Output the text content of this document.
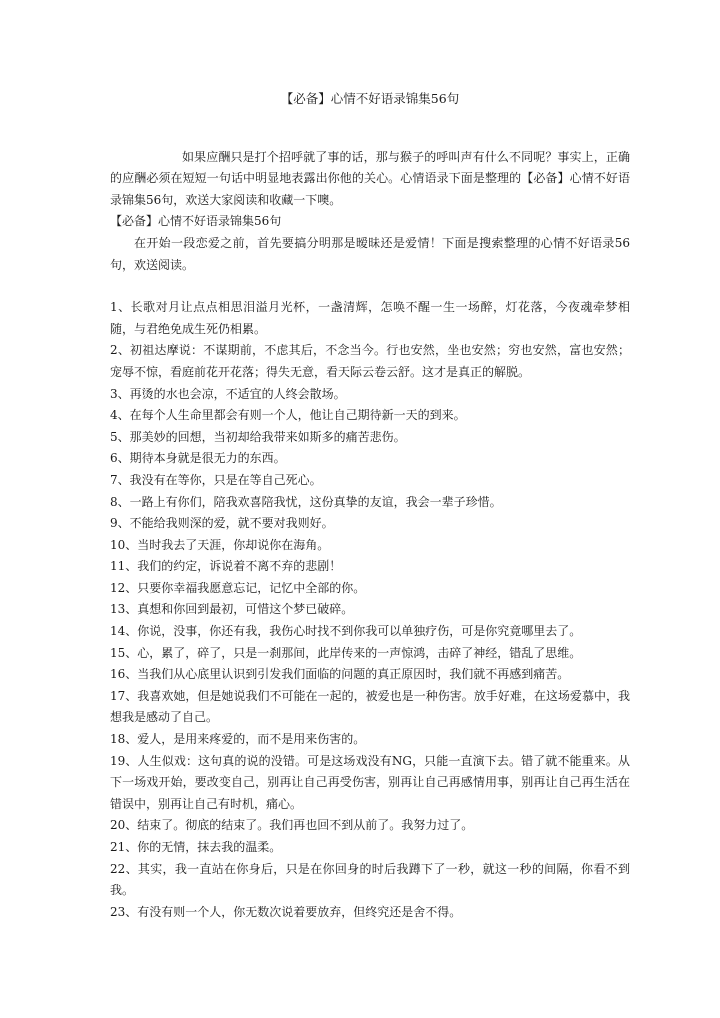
【必备】心情不好语录锦集56句

如果应酬只是打个招呼就了事的话，那与猴子的呼叫声有什么不同呢？事实上，正确的应酬必须在短短一句话中明显地表露出你他的关心。心情语录下面是整理的【必备】心情不好语录锦集56句，欢送大家阅读和收藏一下噢。

【必备】心情不好语录锦集56句

在开始一段恋爱之前，首先要搞分明那是暧昧还是爱情！下面是搜索整理的心情不好语录56句，欢送阅读。

1、长歌对月让点点相思泪溢月光杯，一盏清辉，怎唤不醒一生一场醉，灯花落，今夜魂牵梦相随，与君绝免成生死仍相累。
2、初祖达摩说：不谋期前，不虑其后，不念当今。行也安然，坐也安然；穷也安然，富也安然；宠辱不惊，看庭前花开花落；得失无意，看天际云卷云舒。这才是真正的解脱。
3、再烫的水也会凉，不适宜的人终会散场。
4、在每个人生命里都会有则一个人，他让自己期待新一天的到来。
5、那美妙的回想，当初却给我带来如斯多的痛苦悲伤。
6、期待本身就是很无力的东西。
7、我没有在等你，只是在等自己死心。
8、一路上有你们，陪我欢喜陪我忧，这份真挚的友谊，我会一辈子珍惜。
9、不能给我则深的爱，就不要对我则好。
10、当时我去了天涯，你却说你在海角。
11、我们的约定，诉说着不离不弃的悲剧！
12、只要你幸福我愿意忘记，记忆中全部的你。
13、真想和你回到最初，可惜这个梦已破碎。
14、你说，没事，你还有我，我伤心时找不到你我可以单独疗伤，可是你究竟哪里去了。
15、心，累了，碎了，只是一刹那间，此岸传来的一声惊鸿，击碎了神经，错乱了思维。
16、当我们从心底里认识到引发我们面临的问题的真正原因时，我们就不再感到痛苦。
17、我喜欢她，但是她说我们不可能在一起的，被爱也是一种伤害。放手好难，在这场爱慕中，我想我是感动了自己。
18、爱人，是用来疼爱的，而不是用来伤害的。
19、人生似戏：这句真的说的没错。可是这场戏没有NG，只能一直演下去。错了就不能重来。从下一场戏开始，要改变自己，别再让自己再受伤害，别再让自己再感情用事，别再让自己再生活在错误中，别再让自己有时机，痛心。
20、结束了。彻底的结束了。我们再也回不到从前了。我努力过了。
21、你的无情，抹去我的温柔。
22、其实，我一直站在你身后，只是在你回身的时后我蹲下了一秒，就这一秒的间隔，你看不到我。
23、有没有则一个人，你无数次说着要放弃，但终究还是舍不得。
